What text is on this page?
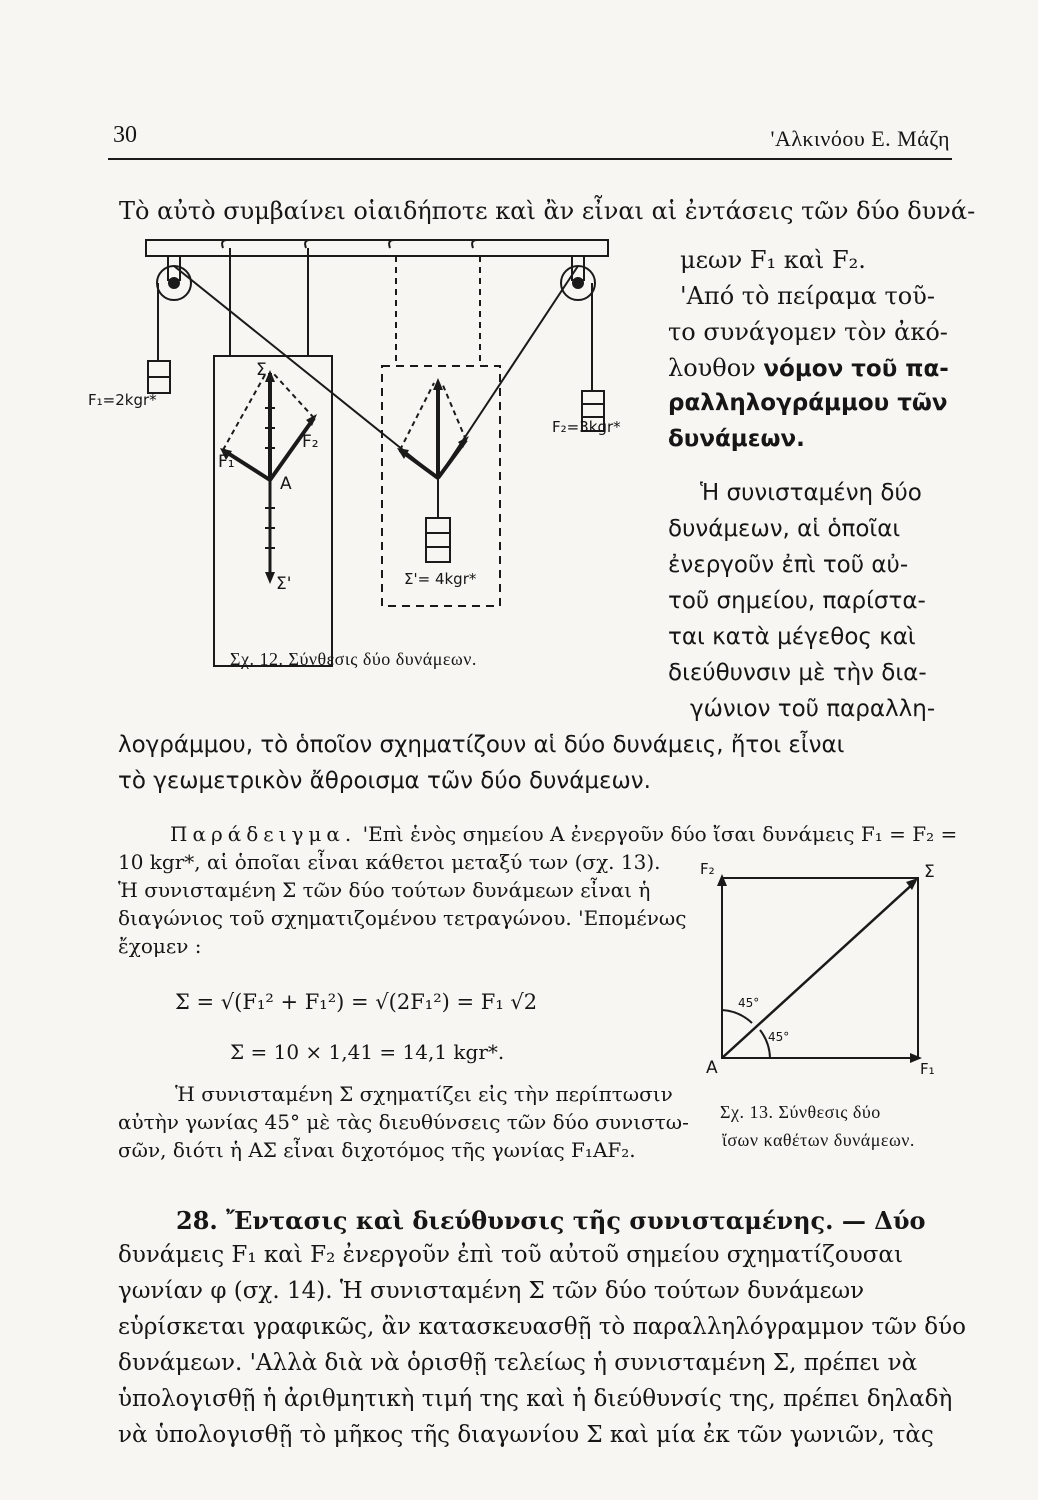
30	'Αλκινόου Ε. Μάζη
Τὸ αὐτὸ συμβαίνει οἱαιδήποτε καὶ ἂν εἶναι αἱ ἐντάσεις τῶν δύο δυνά-
F₁=2kgr*
F₂=3kgr*
Σ'= 4kgr*
Σ
Σ'
F₁
F₂
A
Σχ. 12. Σύνθεσις δύο δυνάμεων.
μεων F₁ καὶ F₂.
'Από τὸ πείραμα τοῦ-
το συνάγομεν τὸν ἀκό-
λουθον νόμον τοῦ πα-
ραλληλογράμμου τῶν
δυνάμεων.
Ἡ συνισταμένη δύο
δυνάμεων, αἱ ὁποῖαι
ἐνεργοῦν ἐπὶ τοῦ αὐ-
τοῦ σημείου, παρίστα-
ται κατὰ μέγεθος καὶ
διεύθυνσιν μὲ τὴν δια-
γώνιον τοῦ παραλλη-
λογράμμου, τὸ ὁποῖον σχηματίζουν αἱ δύο δυνάμεις, ἤτοι εἶναι
τὸ γεωμετρικὸν ἄθροισμα τῶν δύο δυνάμεων.
Παράδειγμα. 'Επὶ ἑνὸς σημείου Α ἐνεργοῦν δύο ἴσαι δυνάμεις F₁ = F₂ =
10 kgr*, αἱ ὁποῖαι εἶναι κάθετοι μεταξύ των (σχ. 13).
Ἡ συνισταμένη Σ τῶν δύο τούτων δυνάμεων εἶναι ἡ
διαγώνιος τοῦ σχηματιζομένου τετραγώνου. 'Επομένως
ἔχομεν :
Σ = √(F₁² + F₁²) = √(2F₁²) = F₁ √2
Σ = 10 × 1,41 = 14,1 kgr*.
Ἡ συνισταμένη Σ σχηματίζει εἰς τὴν περίπτωσιν
αὐτὴν γωνίας 45° μὲ τὰς διευθύνσεις τῶν δύο συνιστω-
σῶν, διότι ἡ ΑΣ εἶναι διχοτόμος τῆς γωνίας F₁AF₂.
F₂	Σ
A	F₁
45°
45°
Σχ. 13. Σύνθεσις δύο
ἴσων καθέτων δυνάμεων.
28. Ἔντασις καὶ διεύθυνσις τῆς συνισταμένης. — Δύο
δυνάμεις F₁ καὶ F₂ ἐνεργοῦν ἐπὶ τοῦ αὐτοῦ σημείου σχηματίζουσαι
γωνίαν φ (σχ. 14). Ἡ συνισταμένη Σ τῶν δύο τούτων δυνάμεων
εὑρίσκεται γραφικῶς, ἂν κατασκευασθῇ τὸ παραλληλόγραμμον τῶν δύο
δυνάμεων. 'Αλλὰ διὰ νὰ ὁρισθῇ τελείως ἡ συνισταμένη Σ, πρέπει νὰ
ὑπολογισθῇ ἡ ἀριθμητικὴ τιμή της καὶ ἡ διεύθυνσίς της, πρέπει δηλαδὴ
νὰ ὑπολογισθῇ τὸ μῆκος τῆς διαγωνίου Σ καὶ μία ἐκ τῶν γωνιῶν, τὰς
